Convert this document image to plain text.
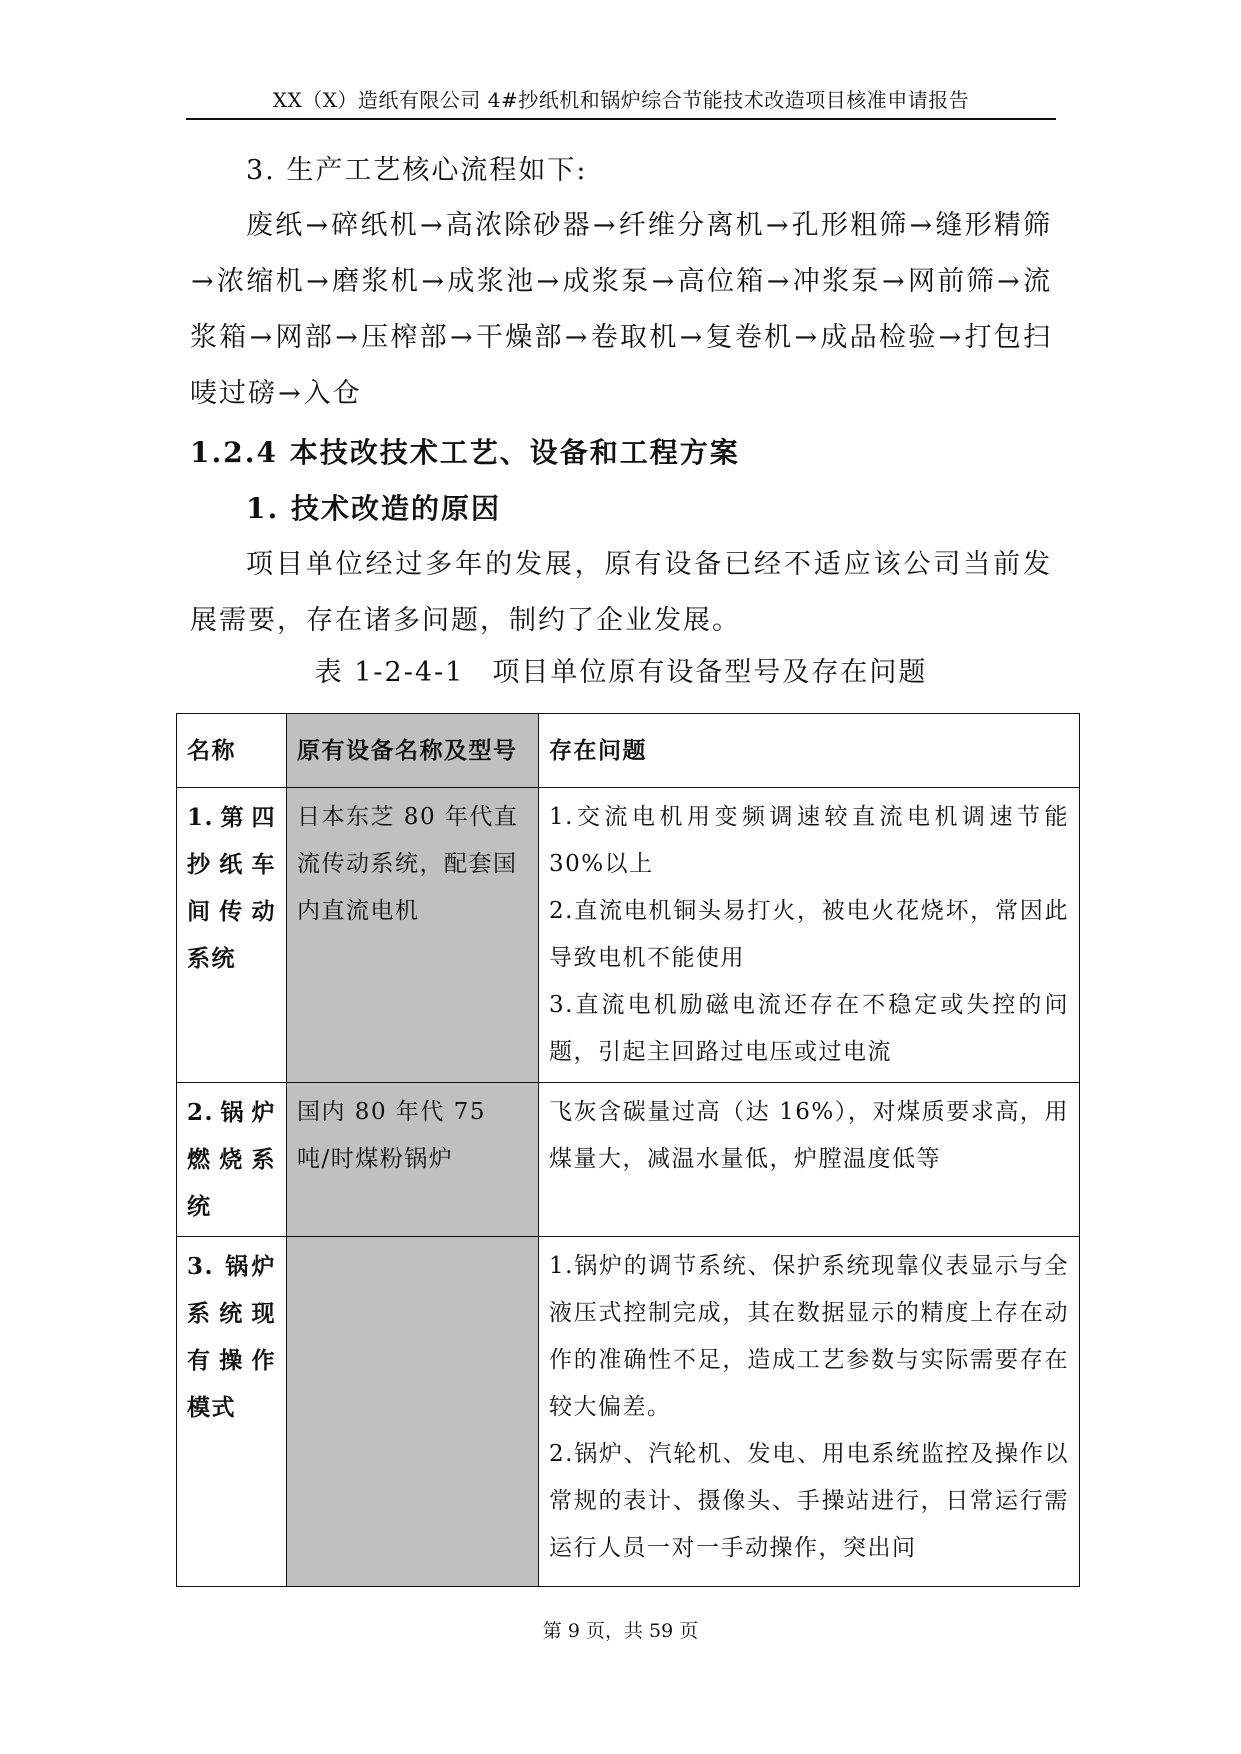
XX（X）造纸有限公司 4#抄纸机和锅炉综合节能技术改造项目核准申请报告
3. 生产工艺核心流程如下:
废纸→碎纸机→高浓除砂器→纤维分离机→孔形粗筛→缝形精筛→浓缩机→磨浆机→成浆池→成浆泵→高位箱→冲浆泵→网前筛→流浆箱→网部→压榨部→干燥部→卷取机→复卷机→成品检验→打包扫唛过磅→入仓
1.2.4 本技改技术工艺、设备和工程方案
1. 技术改造的原因
项目单位经过多年的发展，原有设备已经不适应该公司当前发展需要，存在诸多问题，制约了企业发展。
表 1-2-4-1 项目单位原有设备型号及存在问题
名称	原有设备名称及型号	存在问题
1.第四抄纸车间传动系统	日本东芝 80 年代直流传动系统，配套国内直流电机	1.交流电机用变频调速较直流电机调速节能30%以上
2.直流电机铜头易打火，被电火花烧坏，常因此导致电机不能使用
3.直流电机励磁电流还存在不稳定或失控的问题，引起主回路过电压或过电流

2.锅炉燃烧系统	国内 80 年代 75 吨/时煤粉锅炉	飞灰含碳量过高（达 16%），对煤质要求高，用煤量大，减温水量低，炉膛温度低等

3. 锅炉系统现有操作模式		1.锅炉的调节系统、保护系统现靠仪表显示与全液压式控制完成，其在数据显示的精度上存在动作的准确性不足，造成工艺参数与实际需要存在较大偏差。
2.锅炉、汽轮机、发电、用电系统监控及操作以常规的表计、摄像头、手操站进行，日常运行需运行人员一对一手动操作，突出问
第 9 页，共 59 页
